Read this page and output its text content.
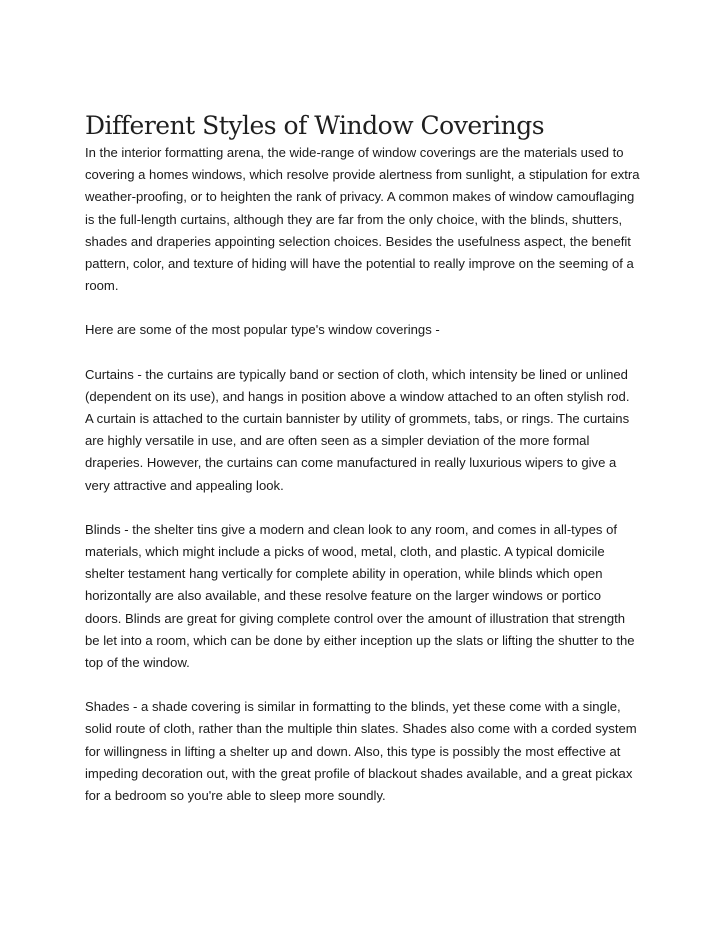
Different Styles of Window Coverings

In the interior formatting arena, the wide-range of window coverings are the materials used to covering a homes windows, which resolve provide alertness from sunlight, a stipulation for extra weather-proofing, or to heighten the rank of privacy. A common makes of window camouflaging is the full-length curtains, although they are far from the only choice, with the blinds, shutters, shades and draperies appointing selection choices. Besides the usefulness aspect, the benefit pattern, color, and texture of hiding will have the potential to really improve on the seeming of a room.

Here are some of the most popular type's window coverings -

Curtains - the curtains are typically band or section of cloth, which intensity be lined or unlined (dependent on its use), and hangs in position above a window attached to an often stylish rod. A curtain is attached to the curtain bannister by utility of grommets, tabs, or rings. The curtains are highly versatile in use, and are often seen as a simpler deviation of the more formal draperies. However, the curtains can come manufactured in really luxurious wipers to give a very attractive and appealing look.

Blinds - the shelter tins give a modern and clean look to any room, and comes in all-types of materials, which might include a picks of wood, metal, cloth, and plastic. A typical domicile shelter testament hang vertically for complete ability in operation, while blinds which open horizontally are also available, and these resolve feature on the larger windows or portico doors. Blinds are great for giving complete control over the amount of illustration that strength be let into a room, which can be done by either inception up the slats or lifting the shutter to the top of the window.

Shades - a shade covering is similar in formatting to the blinds, yet these come with a single, solid route of cloth, rather than the multiple thin slates. Shades also come with a corded system for willingness in lifting a shelter up and down. Also, this type is possibly the most effective at impeding decoration out, with the great profile of blackout shades available, and a great pickax for a bedroom so you're able to sleep more soundly.
